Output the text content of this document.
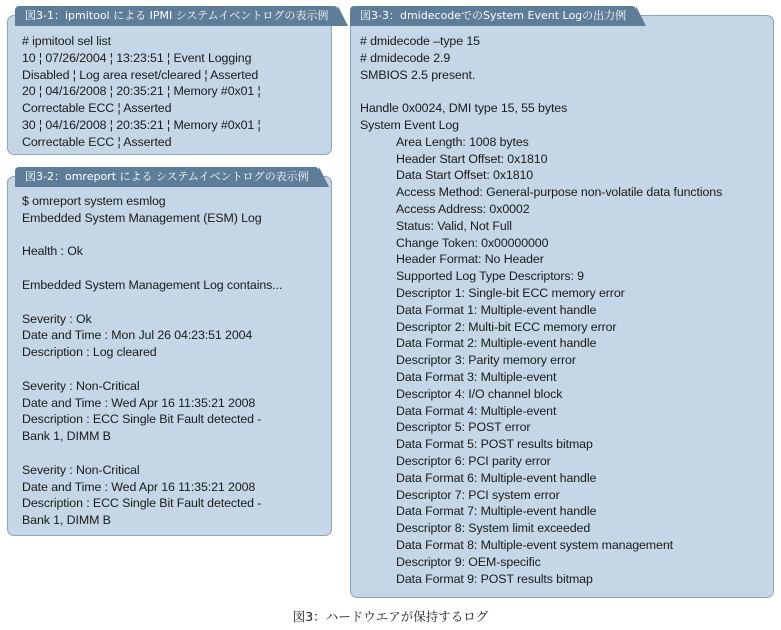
図3-1：ipmitool による IPMI システムイベントログの表示例
# ipmitool sel list
10 ¦ 07/26/2004 ¦ 13:23:51 ¦ Event Logging
Disabled ¦ Log area reset/cleared ¦ Asserted
20 ¦ 04/16/2008 ¦ 20:35:21 ¦ Memory #0x01 ¦
Correctable ECC ¦ Asserted
30 ¦ 04/16/2008 ¦ 20:35:21 ¦ Memory #0x01 ¦
Correctable ECC ¦ Asserted
図3-2：omreport による システムイベントログの表示例
$ omreport system esmlog
Embedded System Management (ESM) Log
Health : Ok
Embedded System Management Log contains...
Severity : Ok
Date and Time : Mon Jul 26 04:23:51 2004
Description : Log cleared
Severity : Non-Critical
Date and Time : Wed Apr 16 11:35:21 2008
Description : ECC Single Bit Fault detected -
Bank 1, DIMM B
Severity : Non-Critical
Date and Time : Wed Apr 16 11:35:21 2008
Description : ECC Single Bit Fault detected -
Bank 1, DIMM B
図3-3：dmidecodeでのSystem Event Logの出力例
# dmidecode –type 15
# dmidecode 2.9
SMBIOS 2.5 present.
Handle 0x0024, DMI type 15, 55 bytes
System Event Log
Area Length: 1008 bytes
Header Start Offset: 0x1810
Data Start Offset: 0x1810
Access Method: General-purpose non-volatile data functions
Access Address: 0x0002
Status: Valid, Not Full
Change Token: 0x00000000
Header Format: No Header
Supported Log Type Descriptors: 9
Descriptor 1: Single-bit ECC memory error
Data Format 1: Multiple-event handle
Descriptor 2: Multi-bit ECC memory error
Data Format 2: Multiple-event handle
Descriptor 3: Parity memory error
Data Format 3: Multiple-event
Descriptor 4: I/O channel block
Data Format 4: Multiple-event
Descriptor 5: POST error
Data Format 5: POST results bitmap
Descriptor 6: PCI parity error
Data Format 6: Multiple-event handle
Descriptor 7: PCI system error
Data Format 7: Multiple-event handle
Descriptor 8: System limit exceeded
Data Format 8: Multiple-event system management
Descriptor 9: OEM-specific
Data Format 9: POST results bitmap
図3：ハードウエアが保持するログ
